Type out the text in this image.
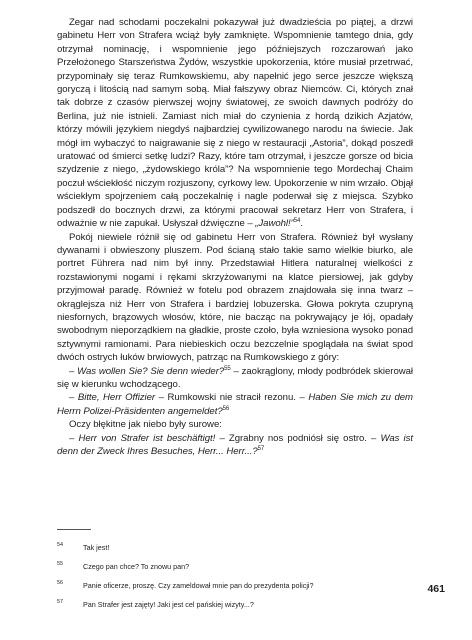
Zegar nad schodami poczekalni pokazywał już dwadzieścia po piątej, a drzwi gabinetu Herr von Strafera wciąż były zamknięte. Wspomnienie tamtego dnia, gdy otrzymał nominację, i wspomnienie jego późniejszych rozczarowań jako Przełożonego Starszeństwa Żydów, wszystkie upokorzenia, które musiał przetrwać, przypominały się teraz Rumkowskiemu, aby napełnić jego serce jeszcze większą goryczą i litością nad samym sobą. Miał fałszywy obraz Niemców. Ci, których znał tak dobrze z czasów pierwszej wojny światowej, ze swoich dawnych podróży do Berlina, już nie istnieli. Zamiast nich miał do czynienia z hordą dzikich Azjatów, którzy mówili językiem niegdyś najbardziej cywilizowanego narodu na świecie. Jak mógł im wybaczyć to naigrawanie się z niego w restauracji „Astoria”, dokąd poszedł uratować od śmierci setkę ludzi? Razy, które tam otrzymał, i jeszcze gorsze od bicia szydzenie z niego, „żydowskiego króla”? Na wspomnienie tego Mordechaj Chaim poczuł wściekłość niczym rozjuszony, cyrkowy lew. Upokorzenie w nim wrzało. Objął wściekłym spojrzeniem całą poczekalnię i nagle poderwał się z miejsca. Szybko podszedł do bocznych drzwi, za którymi pracował sekretarz Herr von Strafera, i odważnie w nie zapukał. Usłyszał dźwięczne – „Jawohl!”$^{54}$.

Pokój niewiele różnił się od gabinetu Herr von Strafera. Również był wysłany dywanami i obwieszony pluszem. Pod ścianą stało takie samo wielkie biurko, ale portret Führera nad nim był inny. Przedstawiał Hitlera naturalnej wielkości z rozstawionymi nogami i rękami skrzyżowanymi na klatce piersiowej, jak gdyby przyjmował paradę. Również w fotelu pod obrazem znajdowała się inna twarz – okrąglejsza niż Herr von Strafera i bardziej lobuzerska. Głowa pokryta czupryną niesfornych, brązowych włosów, które, nie bacząc na pokrywający je łój, opadały swobodnym nieporządkiem na gładkie, proste czoło, była wzniesiona wysoko ponad sztywnymi ramionami. Para niebieskich oczu bezczelnie spoglądała na świat spod dwóch ostrych łuków brwiowych, patrząc na Rumkowskiego z góry:

– Was wollen Sie? Sie denn wieder?$^{55}$ – zaokrąglony, młody podbródek skierował się w kierunku wchodzącego.

– Bitte, Herr Offizier – Rumkowski nie stracił rezonu. – Haben Sie mich zu dem Herrn Polizei-Präsidenten angemeldet?$^{56}$

Oczy błękitne jak niebo były surowe:

– Herr von Strafer ist beschäftigt! – Zgrabny nos podniósł się ostro. – Was ist denn der Zweck Ihres Besuches, Herr... Herr...?$^{57}$

54	Tak jest!
55	Czego pan chce? To znowu pan?
56	Panie oficerze, proszę. Czy zameldował mnie pan do prezydenta policji?
57	Pan Strafer jest zajęty! Jaki jest cel pańskiej wizyty...?
461
